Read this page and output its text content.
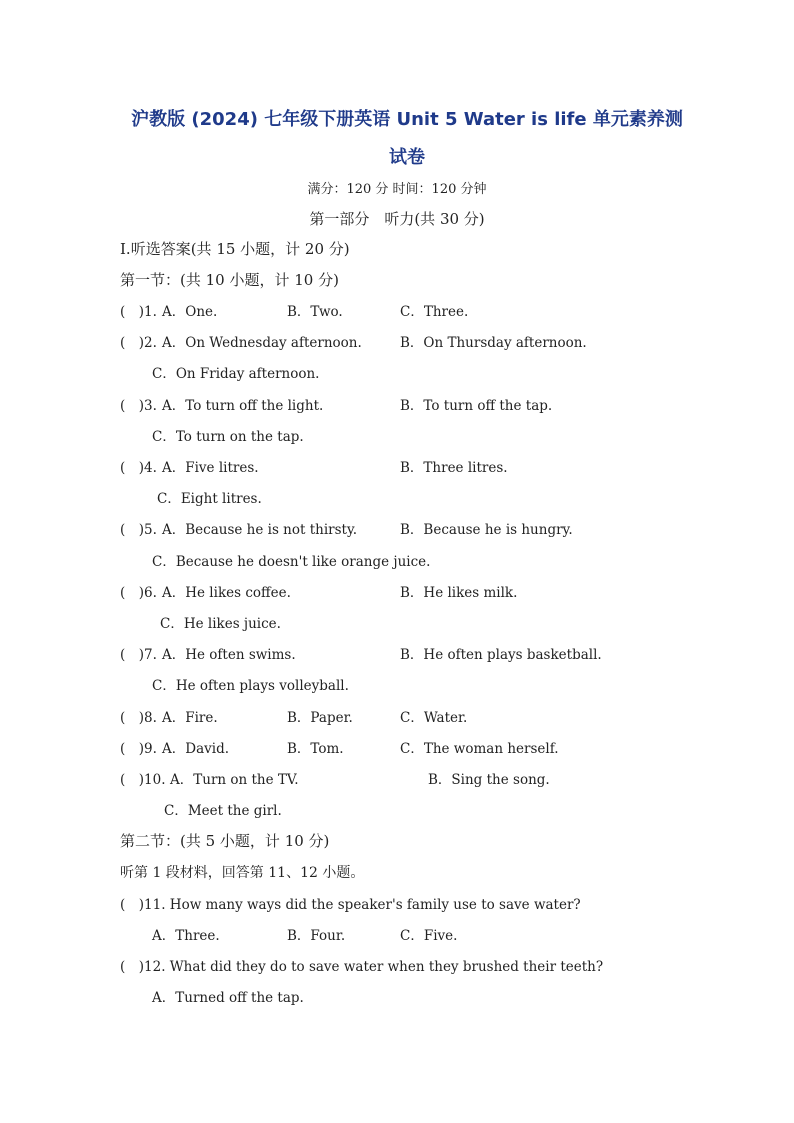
沪教版 (2024) 七年级下册英语 Unit 5 Water is life 单元素养测
试卷
满分：120 分 时间：120 分钟
第一部分　听力(共 30 分)
Ⅰ.听选答案(共 15 小题，计 20 分)
第一节：(共 10 小题，计 10 分)
(　)1. A．One.	B．Two.	C．Three.
(　)2. A．On Wednesday afternoon.	B．On Thursday afternoon.
C．On Friday afternoon.
(　)3. A．To turn off the light.	B．To turn off the tap.
C．To turn on the tap.
(　)4. A．Five litres.	B．Three litres.
C．Eight litres.
(　)5. A．Because he is not thirsty.	B．Because he is hungry.
C．Because he doesn't like orange juice.
(　)6. A．He likes coffee.	B．He likes milk.
C．He likes juice.
(　)7. A．He often swims.	B．He often plays basketball.
C．He often plays volleyball.
(　)8. A．Fire.	B．Paper.	C．Water.
(　)9. A．David.	B．Tom.	C．The woman herself.
(　)10. A．Turn on the TV.	B．Sing the song.
C．Meet the girl.
第二节：(共 5 小题，计 10 分)
听第 1 段材料，回答第 11、12 小题。
(　)11. How many ways did the speaker's family use to save water?
A．Three.	B．Four.	C．Five.
(　)12. What did they do to save water when they brushed their teeth?
A．Turned off the tap.
